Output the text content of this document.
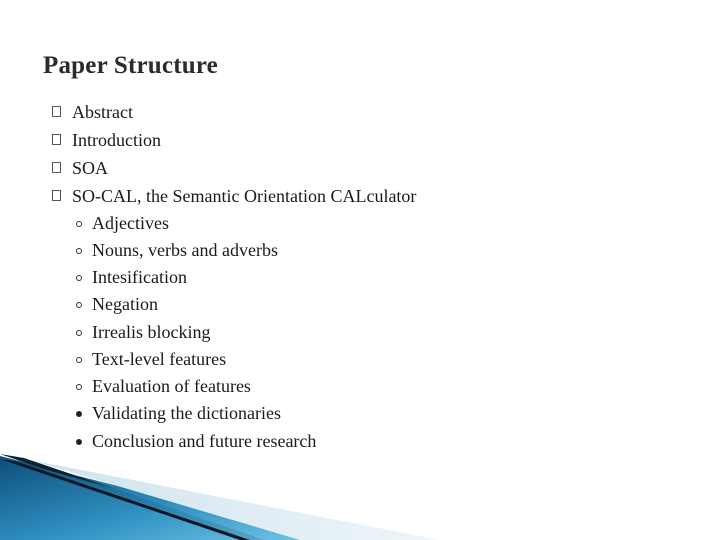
Paper Structure
Abstract
Introduction
SOA
SO-CAL, the Semantic Orientation CALculator
Adjectives
Nouns, verbs and adverbs
Intesification
Negation
Irrealis blocking
Text-level features
Evaluation of features
Validating the dictionaries
Conclusion and future research
